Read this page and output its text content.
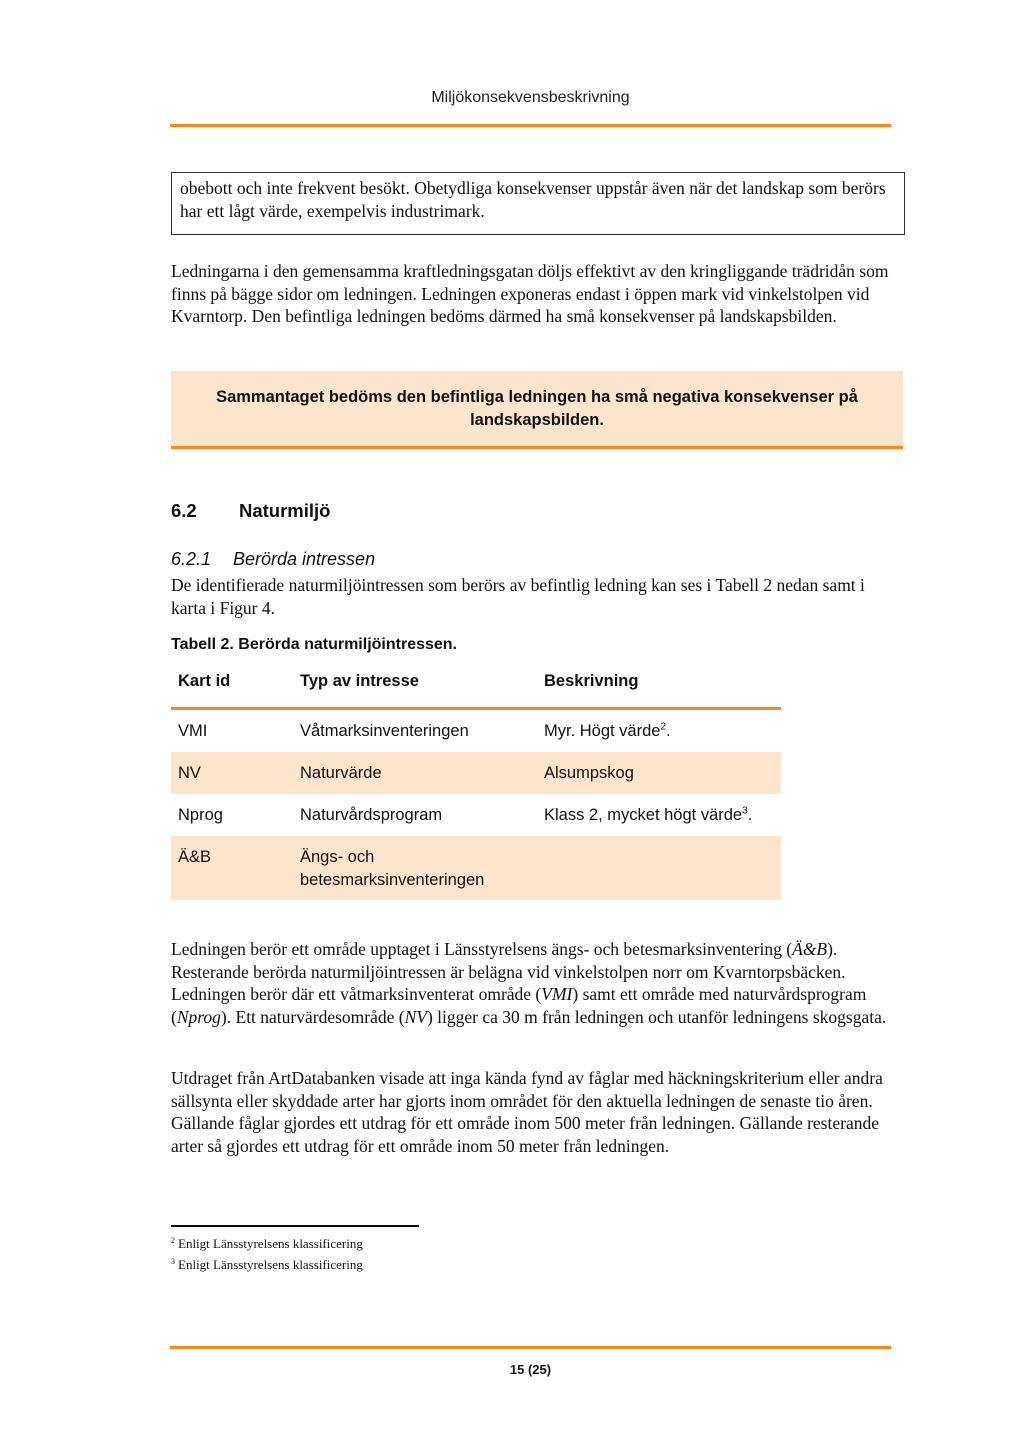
Miljökonsekvensbeskrivning
obebott och inte frekvent besökt. Obetydliga konsekvenser uppstår även när det landskap som berörs har ett lågt värde, exempelvis industrimark.
Ledningarna i den gemensamma kraftledningsgatan döljs effektivt av den kringliggande trädridån som finns på bägge sidor om ledningen. Ledningen exponeras endast i öppen mark vid vinkelstolpen vid Kvarntorp. Den befintliga ledningen bedöms därmed ha små konsekvenser på landskapsbilden.
Sammantaget bedöms den befintliga ledningen ha små negativa konsekvenser på landskapsbilden.
6.2 Naturmiljö
6.2.1 Berörda intressen
De identifierade naturmiljöintressen som berörs av befintlig ledning kan ses i Tabell 2 nedan samt i karta i Figur 4.
Tabell 2. Berörda naturmiljöintressen.
Kart id	Typ av intresse	Beskrivning
VMI	Våtmarksinventeringen	Myr. Högt värde$^2$.
NV	Naturvärde	Alsumpskog
Nprog	Naturvårdsprogram	Klass 2, mycket högt värde$^3$.
Ä&B	Ängs- och betesmarksinventeringen
Ledningen berör ett område upptaget i Länsstyrelsens ängs- och betesmarksinventering (Ä&B). Resterande berörda naturmiljöintressen är belägna vid vinkelstolpen norr om Kvarntorpsbäcken. Ledningen berör där ett våtmarksinventerat område (VMI) samt ett område med naturvårdsprogram (Nprog). Ett naturvärdesområde (NV) ligger ca 30 m från ledningen och utanför ledningens skogsgata.
Utdraget från ArtDatabanken visade att inga kända fynd av fåglar med häckningskriterium eller andra sällsynta eller skyddade arter har gjorts inom området för den aktuella ledningen de senaste tio åren. Gällande fåglar gjordes ett utdrag för ett område inom 500 meter från ledningen. Gällande resterande arter så gjordes ett utdrag för ett område inom 50 meter från ledningen.
$^2$ Enligt Länsstyrelsens klassificering
$^3$ Enligt Länsstyrelsens klassificering
15 (25)
